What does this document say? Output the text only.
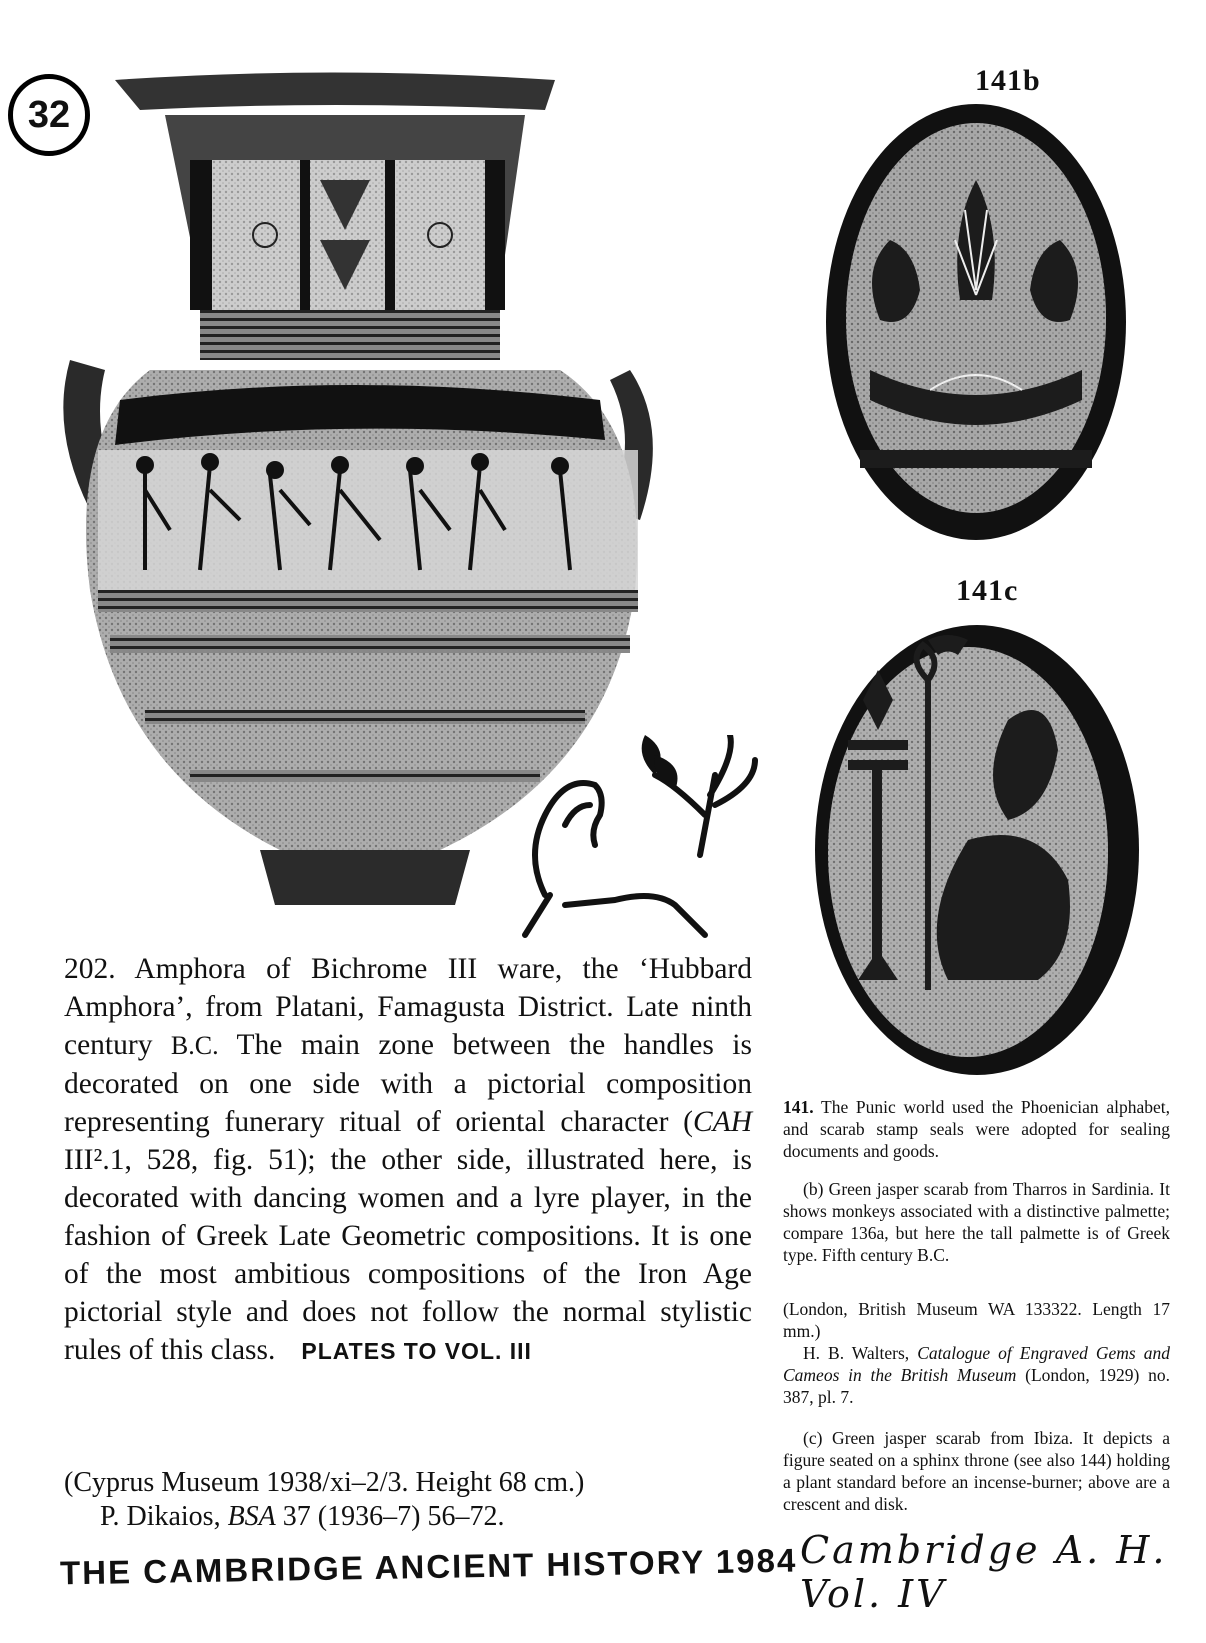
32
141b
141c
202. Amphora of Bichrome III ware, the ‘Hubbard Amphora’, from Platani, Famagusta District. Late ninth century B.C. The main zone between the handles is decorated on one side with a pictorial composition representing funerary ritual of oriental character (CAH III².1, 528, fig. 51); the other side, illustrated here, is decorated with dancing women and a lyre player, in the fashion of Greek Late Geometric compositions. It is one of the most ambitious compositions of the Iron Age pictorial style and does not follow the normal stylistic rules of this class. PLATES TO VOL. III
(Cyprus Museum 1938/xi–2/3. Height 68 cm.)
P. Dikaios, BSA 37 (1936–7) 56–72.
141. The Punic world used the Phoenician alphabet, and scarab stamp seals were adopted for sealing documents and goods.
(b) Green jasper scarab from Tharros in Sardinia. It shows monkeys associated with a distinctive palmette; compare 136a, but here the tall palmette is of Greek type. Fifth century B.C.
(London, British Museum WA 133322. Length 17 mm.)
H. B. Walters, Catalogue of Engraved Gems and Cameos in the British Museum (London, 1929) no. 387, pl. 7.
(c) Green jasper scarab from Ibiza. It depicts a figure seated on a sphinx throne (see also 144) holding a plant standard before an incense-burner; above are a crescent and disk.
THE CAMBRIDGE ANCIENT HISTORY 1984 Cambridge A. H. Vol. IV
